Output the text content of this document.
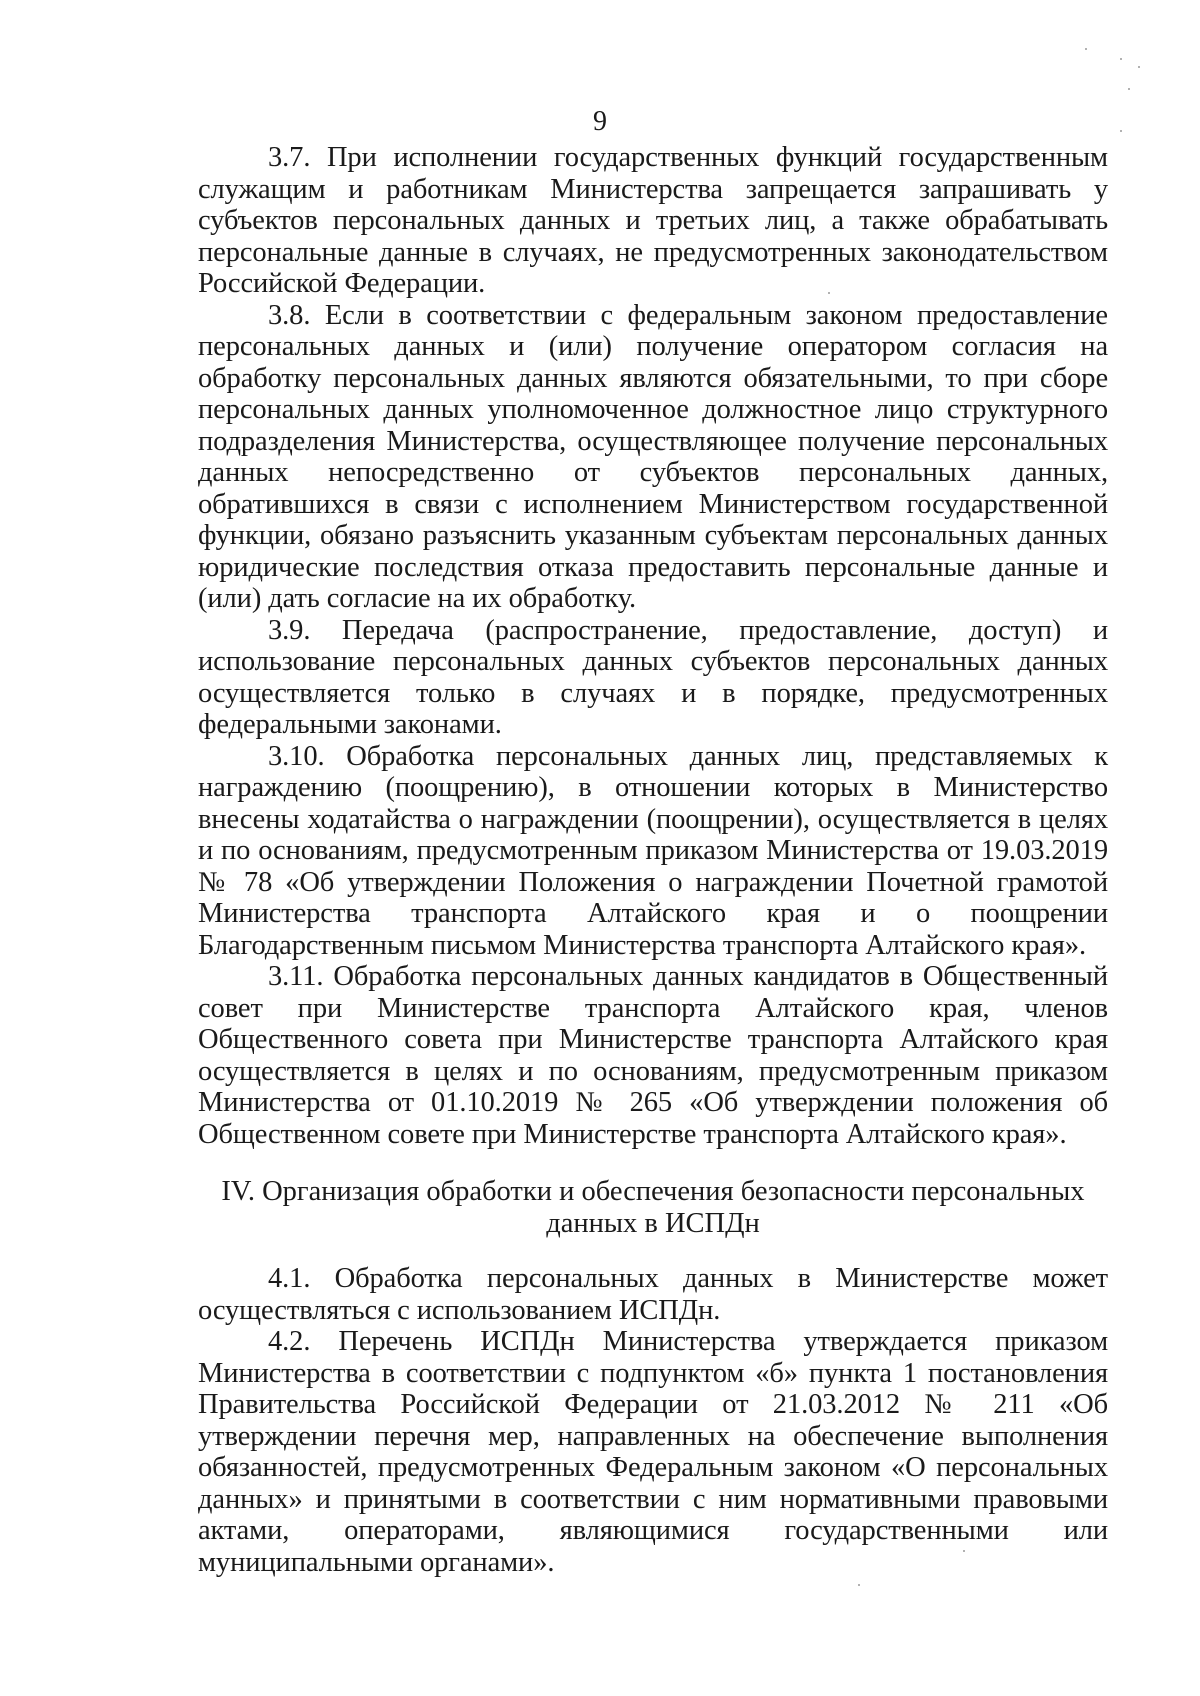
9

3.7. При исполнении государственных функций государственным служащим и работникам Министерства запрещается запрашивать у субъектов персональных данных и третьих лиц, а также обрабатывать персональные данные в случаях, не предусмотренных законодательством Российской Федерации.

3.8. Если в соответствии с федеральным законом предоставление персональных данных и (или) получение оператором согласия на обработку персональных данных являются обязательными, то при сборе персональных данных уполномоченное должностное лицо структурного подразделения Министерства, осуществляющее получение персональных данных непосредственно от субъектов персональных данных, обратившихся в связи с исполнением Министерством государственной функции, обязано разъяснить указанным субъектам персональных данных юридические последствия отказа предоставить персональные данные и (или) дать согласие на их обработку.

3.9. Передача (распространение, предоставление, доступ) и использование персональных данных субъектов персональных данных осуществляется только в случаях и в порядке, предусмотренных федеральными законами.

3.10. Обработка персональных данных лиц, представляемых к награждению (поощрению), в отношении которых в Министерство внесены ходатайства о награждении (поощрении), осуществляется в целях и по основаниям, предусмотренным приказом Министерства от 19.03.2019 № 78 «Об утверждении Положения о награждении Почетной грамотой Министерства транспорта Алтайского края и о поощрении Благодарственным письмом Министерства транспорта Алтайского края».

3.11. Обработка персональных данных кандидатов в Общественный совет при Министерстве транспорта Алтайского края, членов Общественного совета при Министерстве транспорта Алтайского края осуществляется в целях и по основаниям, предусмотренным приказом Министерства от 01.10.2019 № 265 «Об утверждении положения об Общественном совете при Министерстве транспорта Алтайского края».

IV. Организация обработки и обеспечения безопасности персональных
данных в ИСПДн

4.1. Обработка персональных данных в Министерстве может осуществляться с использованием ИСПДн.

4.2. Перечень ИСПДн Министерства утверждается приказом Министерства в соответствии с подпунктом «б» пункта 1 постановления Правительства Российской Федерации от 21.03.2012 № 211 «Об утверждении перечня мер, направленных на обеспечение выполнения обязанностей, предусмотренных Федеральным законом «О персональных данных» и принятыми в соответствии с ним нормативными правовыми актами, операторами, являющимися государственными или муниципальными органами».
